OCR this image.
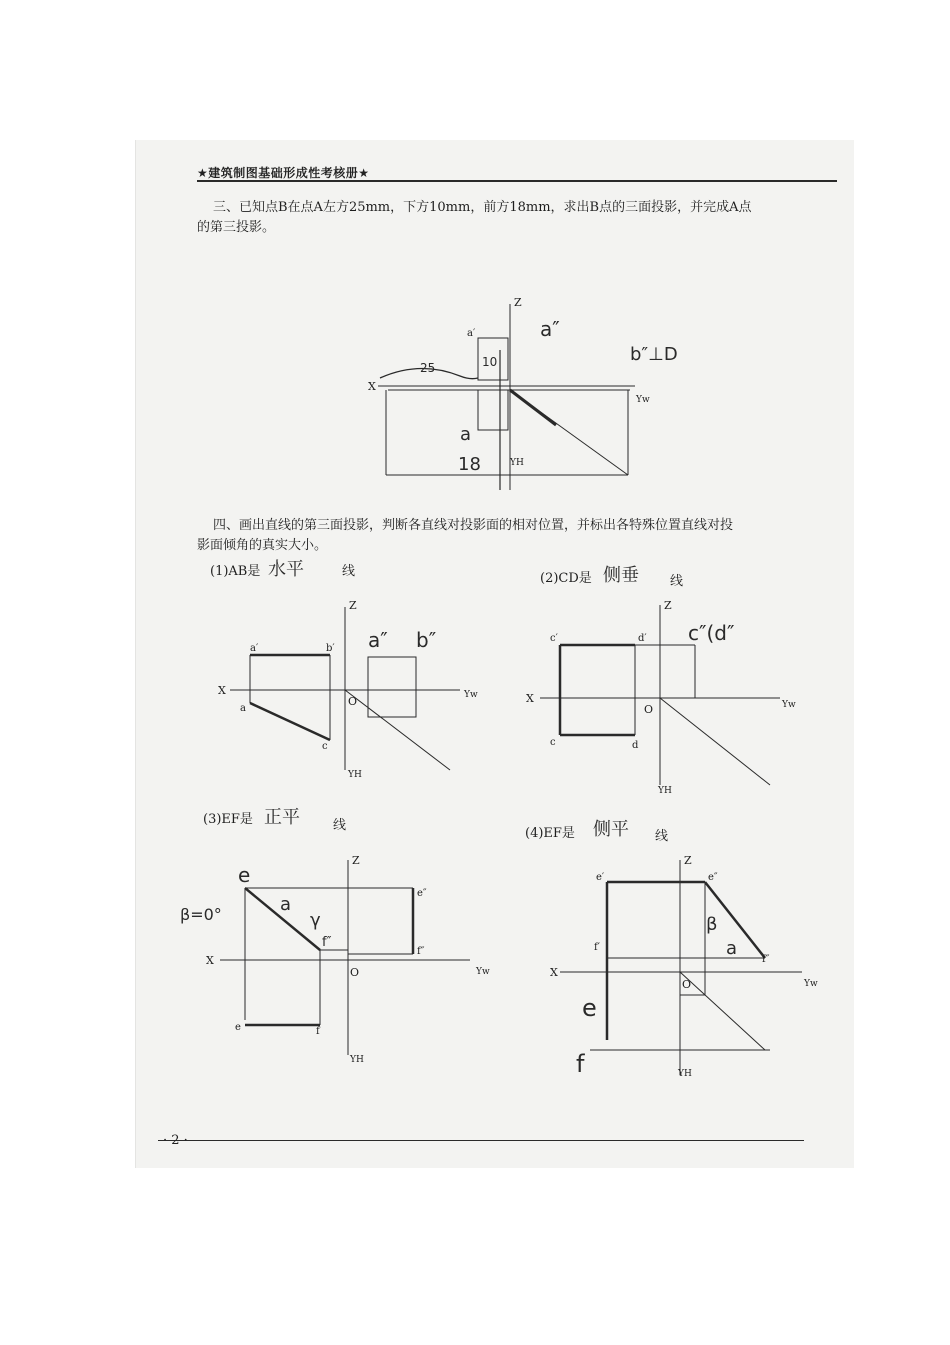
★建筑制图基础形成性考核册★
三、已知点B在点A左方25mm，下方10mm，前方18mm，求出B点的三面投影，并完成A点
的第三投影。
Z
X
Yw
YH
a′	a″
b″⊥D
25	10
a
18
四、画出直线的第三面投影，判断各直线对投影面的相对位置，并标出各特殊位置直线对投
影面倾角的真实大小。
(1)AB是 水平	线	(2)CD是 侧垂 线
Z
X
O	Yw
YH
a′	b′
a
c
a″ b″
Z
X
O	Yw
YH
c′	d′
c	d
c″(d″
(3)EF是 正平	线
(4)EF是 侧平 线
Z
X
O	Yw
YH
e″
f″
e	f
e
a
γ
f″
β=0°
Z
X
O	Yw
YH
e′	e″
f′
f″
β
a
e
f
· 2 ·
